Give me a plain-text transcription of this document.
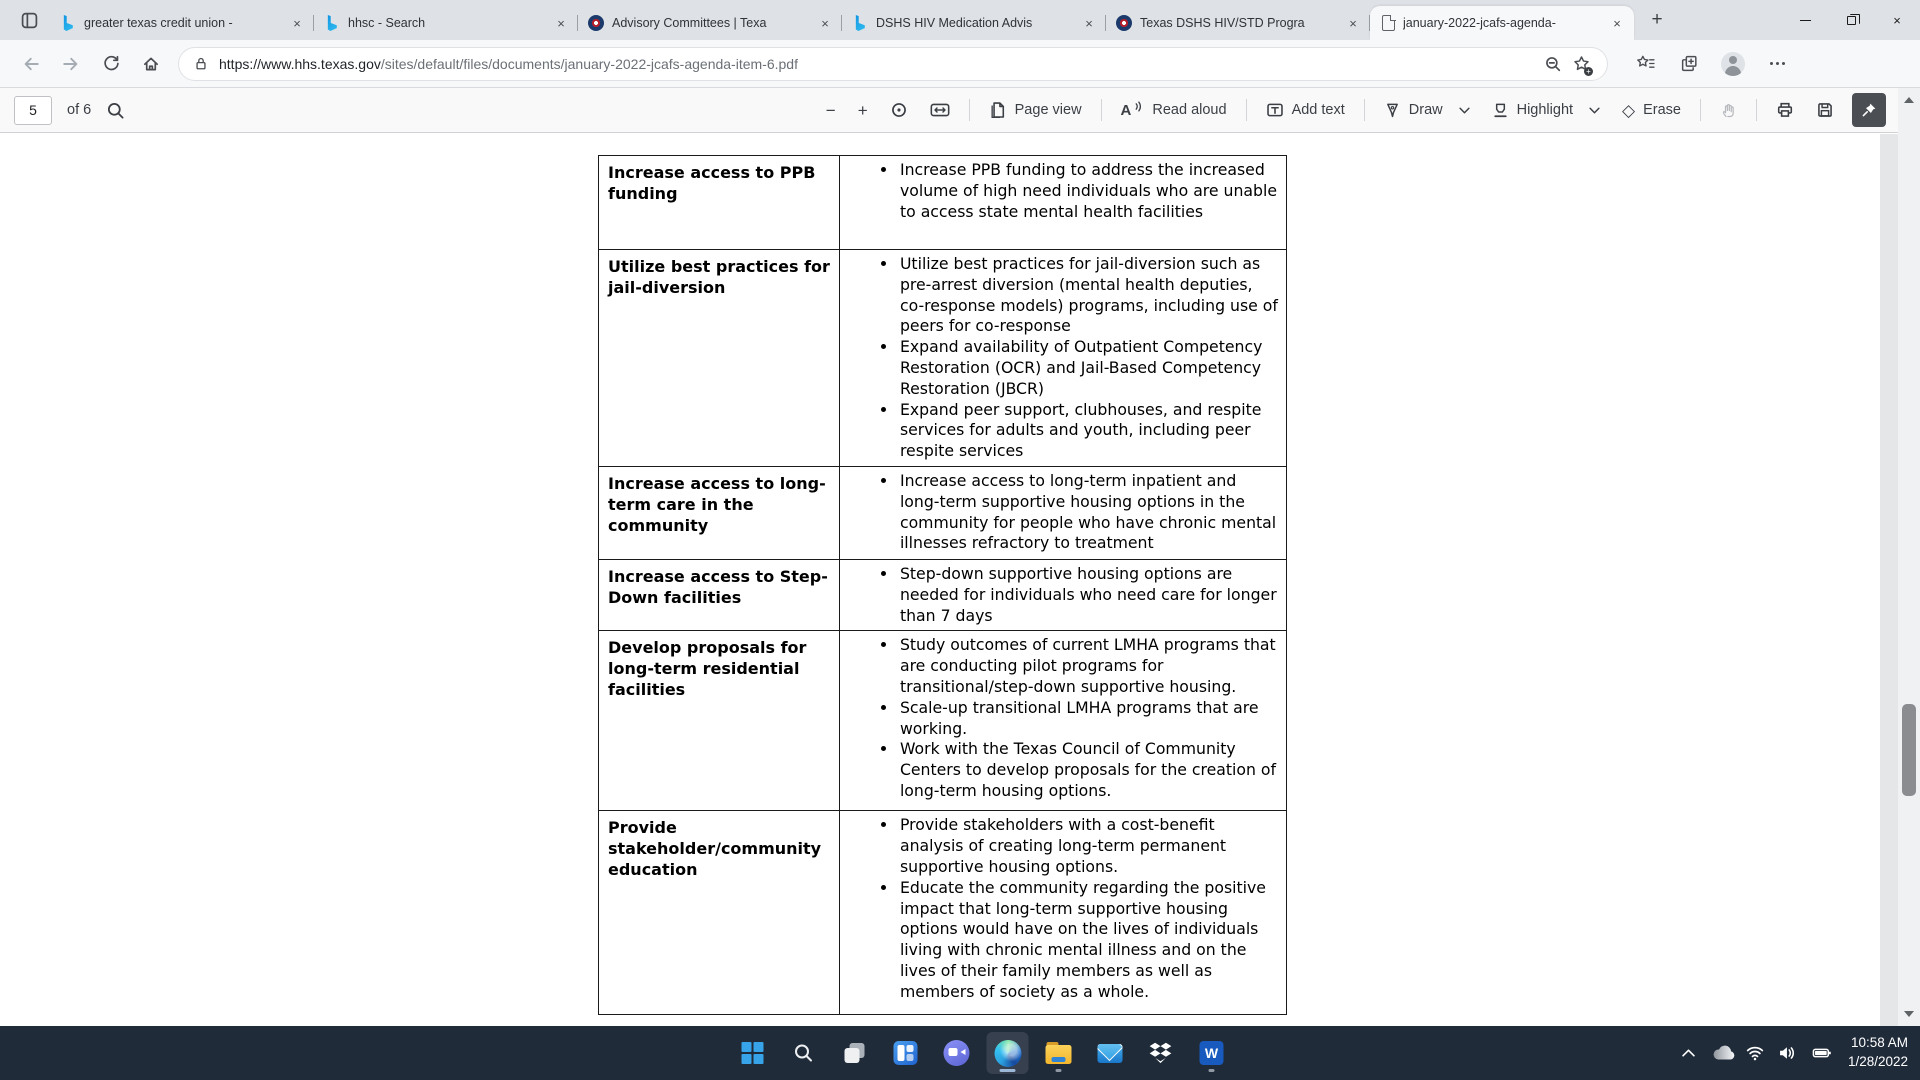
greater texas credit union -	×	hhsc - Search	×	Advisory Committees | Texa	×	DSHS HIV Medication Advis	×	Texas DSHS HIV/STD Progra	×	january-2022-jcafs-agenda-	×	+	×
https://www.hhs.texas.gov/sites/default/files/documents/january-2022-jcafs-agenda-item-6.pdf	+
5	of 6	− +	Page view	A Read aloud	Add text	Draw	Highlight	◇ Erase
Increase access to PPB funding	
• Increase PPB funding to address the increased volume of high need individuals who are unable to access state mental health facilities

Utilize best practices for jail-diversion	
• Utilize best practices for jail-diversion such as pre-arrest diversion (mental health deputies, co-response models) programs, including use of peers for co-response
• Expand availability of Outpatient Competency Restoration (OCR) and Jail-Based Competency Restoration (JBCR)
• Expand peer support, clubhouses, and respite services for adults and youth, including peer respite services

Increase access to long-term care in the community	
• Increase access to long-term inpatient and long-term supportive housing options in the community for people who have chronic mental illnesses refractory to treatment

Increase access to Step-Down facilities	
• Step-down supportive housing options are needed for individuals who need care for longer than 7 days

Develop proposals for long-term residential facilities	
• Study outcomes of current LMHA programs that are conducting pilot programs for transitional/step-down supportive housing.
• Scale-up transitional LMHA programs that are working.
• Work with the Texas Council of Community Centers to develop proposals for the creation of long-term housing options.

Provide stakeholder/community education	
• Provide stakeholders with a cost-benefit analysis of creating long-term permanent supportive housing options.
• Educate the community regarding the positive impact that long-term supportive housing options would have on the lives of individuals living with chronic mental illness and on the lives of their family members as well as members of society as a whole.
W
10:58 AM
1/28/2022
